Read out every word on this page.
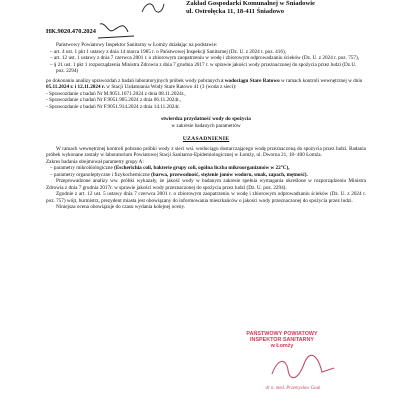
Zakład Gospodarki Komunalnej w Śniadowie
ul. Ostrołęcka 11, 18-411 Śniadowo
HK.9020.470.2024

Państwowy Powiatowy Inspektor Sanitarny w Łomży działając na podstawie:

– art. 4 ust. 1 pkt 1 ustawy z dnia 14 marca 1985 r. o Państwowej Inspekcji Sanitarnej (Dz. U. z 2024 r. poz. 416),

– art. 12 ust. 1 ustawy z dnia 7 czerwca 2001 r. o zbiorowym zaopatrzeniu w wodę i zbiorowym odprowadzaniu ścieków (Dz. U. z 2024 r. poz. 757),

– § 21 ust. 1 pkt 1 rozporządzenia Ministra Zdrowia z dnia 7 grudnia 2017 r. w sprawie jakości wody przeznaczonej do spożycia przez ludzi (Dz.U. poz. 2294)

po dokonaniu analizy sprawozdań z badań laboratoryjnych próbek wody pobranych z wodociągu Stare Ratowo w ramach kontroli wewnętrznej w dniu 05.11.2024 r. i 12.11.2024 r. w Stacji Uzdatniania Wody Stare Ratowo 41 (3 (woda z sieci):

- Sprawozdanie z badań Nr M.9051.1671.2024 z dnia 08.11.2024r.,

- Sprawozdanie z badań Nr F.9051.905.2024 z dnia 06.11.2024r.,

- Sprawozdanie z badań Nr F.9051.914.2024 z dnia 14.11.2024r.

stwierdza przydatność wody do spożycia

w zakresie badanych parametrów

UZASADNIENIE

W ramach wewnętrznej kontroli pobrano próbki wody z sieci wsi. wodociągu dostarczającego wodę przeznaczoną do spożycia przez ludzi. Badania próbek wykonane zostały w laboratorium Powiatowej Stacji Sanitarno-Epidemiologicznej w Łomży, ul. Dworna 21, 18- 400 Łomża.

Zakres badania obejmował parametry grupy A:

– parametry mikrobiologiczne (Escherichia coli, bakterie grupy coli, ogólna liczba mikroorganizmów w 22°C),

– parametry organoleptyczne i fizykochemiczne (barwa, przewodność, stężenie jonów wodoru, smak, zapach, mętność).

Przeprowadzone analizy ww. próbki wykazały, że jakość wody w badanym zakresie spełnia wymagania określone w rozporządzeniu Ministra Zdrowia z dnia 7 grudnia 2017r. w sprawie jakości wody przeznaczonej do spożycia przez ludzi (Dz. U. poz. 2294).

Zgodnie z art. 12 ust. 5 ustawy dnia 7 czerwca 2001 r. o zbiorowym zaopatrzeniu w wodę i zbiorowym odprowadzaniu ścieków (Dz. U. z 2024 r. poz. 757) wójt, burmistrz, prezydent miasta jest obowiązany do informowania mieszkańców o jakości wody przeznaczonej do spożycia przez ludzi.

Niniejsza ocena obowiązuje do czasu wydania kolejnej oceny.

PAŃSTWOWY POWIATOWY
INSPEKTOR SANITARNY
w Łomży
dr n. med. Przemysław Gosk
